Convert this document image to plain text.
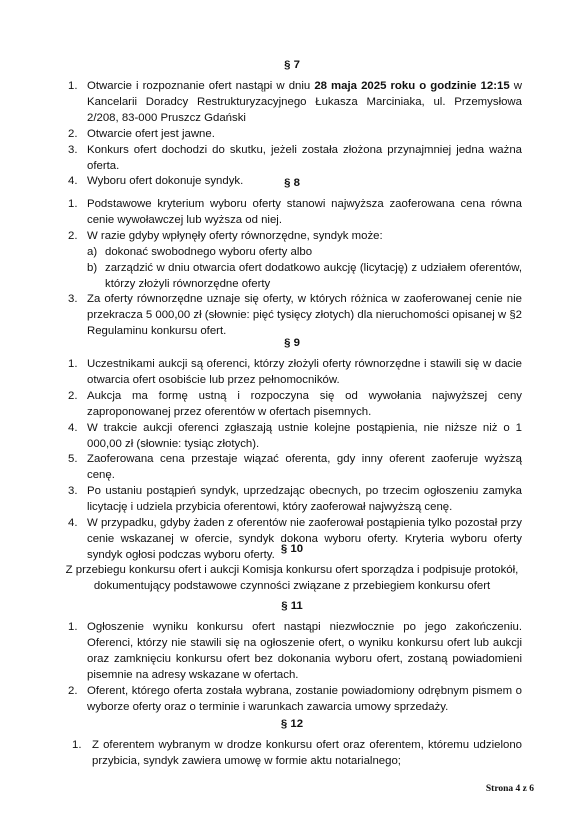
§ 7
1. Otwarcie i rozpoznanie ofert nastąpi w dniu 28 maja 2025 roku o godzinie 12:15 w Kancelarii Doradcy Restrukturyzacyjnego Łukasza Marciniaka, ul. Przemysłowa 2/208, 83-000 Pruszcz Gdański
2. Otwarcie ofert jest jawne.
3. Konkurs ofert dochodzi do skutku, jeżeli została złożona przynajmniej jedna ważna oferta.
4. Wyboru ofert dokonuje syndyk.	§ 8
1. Podstawowe kryterium wyboru oferty stanowi najwyższa zaoferowana cena równa cenie wywoławczej lub wyższa od niej.
2. W razie gdyby wpłynęły oferty równorzędne, syndyk może:
a) dokonać swobodnego wyboru oferty albo
b) zarządzić w dniu otwarcia ofert dodatkowo aukcję (licytację) z udziałem oferentów, którzy złożyli równorzędne oferty
3. Za oferty równorzędne uznaje się oferty, w których różnica w zaoferowanej cenie nie przekracza 5 000,00 zł (słownie: pięć tysięcy złotych) dla nieruchomości opisanej w §2 Regulaminu konkursu ofert.
§ 9
1. Uczestnikami aukcji są oferenci, którzy złożyli oferty równorzędne i stawili się w dacie otwarcia ofert osobiście lub przez pełnomocników.
2. Aukcja ma formę ustną i rozpoczyna się od wywołania najwyższej ceny zaproponowanej przez oferentów w ofertach pisemnych.
4. W trakcie aukcji oferenci zgłaszają ustnie kolejne postąpienia, nie niższe niż o 1 000,00 zł (słownie: tysiąc złotych).
5. Zaoferowana cena przestaje wiązać oferenta, gdy inny oferent zaoferuje wyższą cenę.
3. Po ustaniu postąpień syndyk, uprzedzając obecnych, po trzecim ogłoszeniu zamyka licytację i udziela przybicia oferentowi, który zaoferował najwyższą cenę.
4. W przypadku, gdyby żaden z oferentów nie zaoferował postąpienia tylko pozostał przy cenie wskazanej w ofercie, syndyk dokona wyboru oferty. Kryteria wyboru oferty syndyk ogłosi podczas wyboru oferty. § 10
Z przebiegu konkursu ofert i aukcji Komisja konkursu ofert sporządza i podpisuje protokół, dokumentujący podstawowe czynności związane z przebiegiem konkursu ofert
§ 11
1. Ogłoszenie wyniku konkursu ofert nastąpi niezwłocznie po jego zakończeniu. Oferenci, którzy nie stawili się na ogłoszenie ofert, o wyniku konkursu ofert lub aukcji oraz zamknięciu konkursu ofert bez dokonania wyboru ofert, zostaną powiadomieni pisemnie na adresy wskazane w ofertach.
2. Oferent, którego oferta została wybrana, zostanie powiadomiony odrębnym pismem o wyborze oferty oraz o terminie i warunkach zawarcia umowy sprzedaży.
§ 12
1. Z oferentem wybranym w drodze konkursu ofert oraz oferentem, któremu udzielono przybicia, syndyk zawiera umowę w formie aktu notarialnego;
Strona 4 z 6
